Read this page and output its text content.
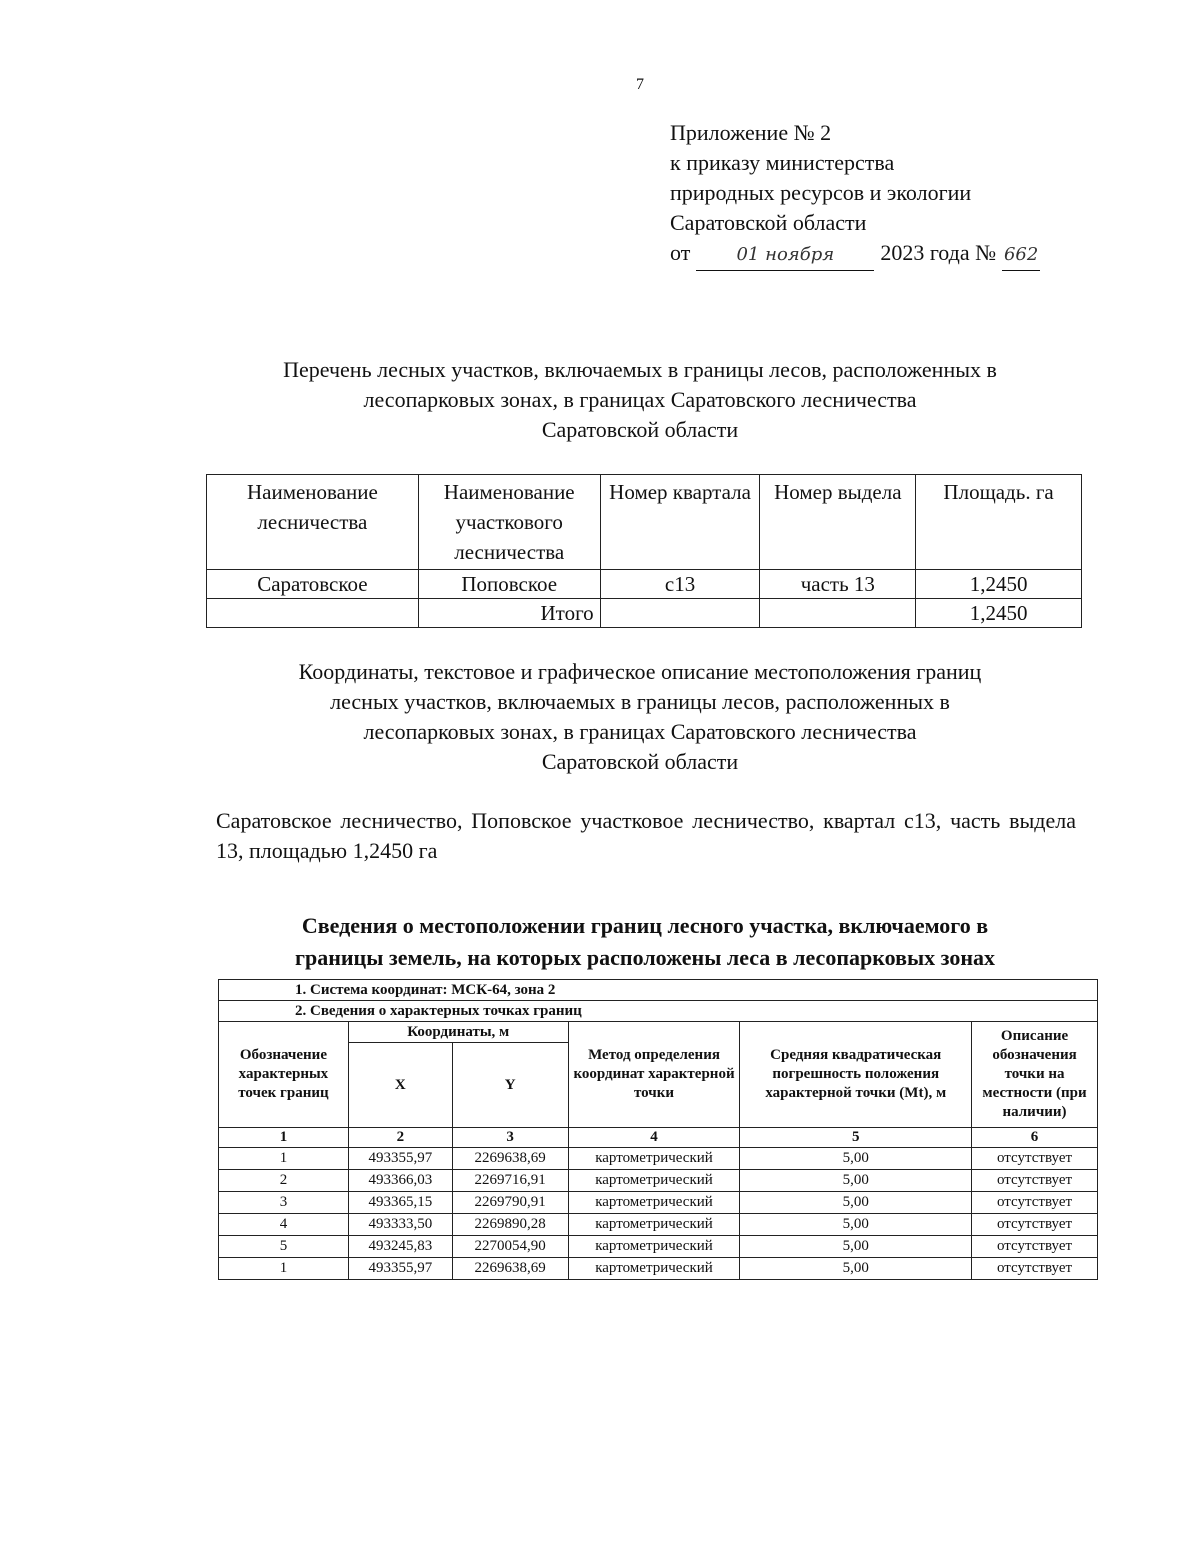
7
Приложение № 2
к приказу министерства
природных ресурсов и экологии
Саратовской области
от	01 ноября	2023 года № 662
Перечень лесных участков, включаемых в границы лесов, расположенных в
лесопарковых зонах, в границах Саратовского лесничества
Саратовской области
Наименование лесничества	Наименование участкового лесничества	Номер квартала	Номер выдела	Площадь. га
Саратовское	Поповское	с13	часть 13	1,2450
	Итого			1,2450
Координаты, текстовое и графическое описание местоположения границ
лесных участков, включаемых в границы лесов, расположенных в
лесопарковых зонах, в границах Саратовского лесничества
Саратовской области
Саратовское лесничество, Поповское участковое лесничество, квартал с13, часть выдела 13, площадью 1,2450 га
Сведения о местоположении границ лесного участка, включаемого в
границы земель, на которых расположены леса в лесопарковых зонах
1. Система координат: МСК-64, зона 2					
2. Сведения о характерных точках границ					
Обозначение характерных точек границ	Координаты, м		Метод определения координат характерной точки	Средняя квадратическая погрешность положения характерной точки (Mt), м	Описание обозначения точки на местности (при наличии)
	X	Y			
1	2	3	4	5	6
1	493355,97	2269638,69	картометрический	5,00	отсутствует
2	493366,03	2269716,91	картометрический	5,00	отсутствует
3	493365,15	2269790,91	картометрический	5,00	отсутствует
4	493333,50	2269890,28	картометрический	5,00	отсутствует
5	493245,83	2270054,90	картометрический	5,00	отсутствует
1	493355,97	2269638,69	картометрический	5,00	отсутствует
